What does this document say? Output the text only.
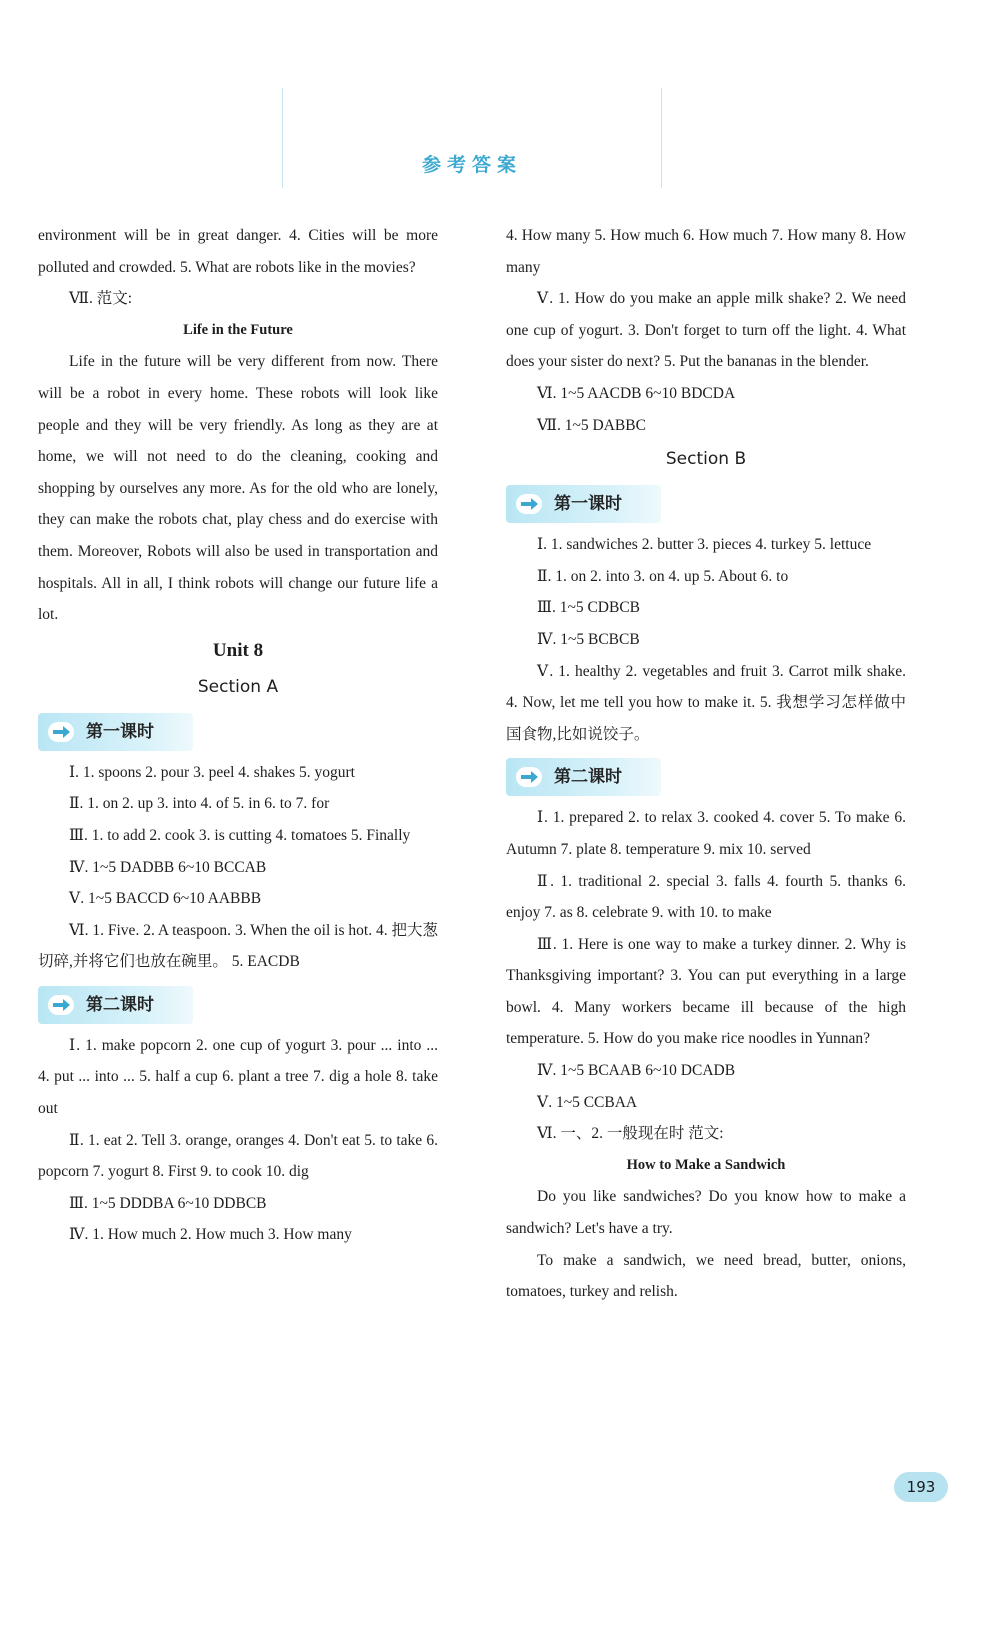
参考答案

environment will be in great danger. 4. Cities will be more polluted and crowded. 5. What are robots like in the movies?

Ⅶ. 范文:

Life in the Future

Life in the future will be very different from now. There will be a robot in every home. These robots will look like people and they will be very friendly. As long as they are at home, we will not need to do the cleaning, cooking and shopping by ourselves any more. As for the old who are lonely, they can make the robots chat, play chess and do exercise with them. Moreover, Robots will also be used in transportation and hospitals. All in all, I think robots will change our future life a lot.

Unit 8
Section A
第一课时

Ⅰ. 1. spoons 2. pour 3. peel 4. shakes 5. yogurt

Ⅱ. 1. on 2. up 3. into 4. of 5. in 6. to 7. for

Ⅲ. 1. to add 2. cook 3. is cutting 4. tomatoes 5. Finally

Ⅳ. 1~5 DADBB 6~10 BCCAB

Ⅴ. 1~5 BACCD 6~10 AABBB

Ⅵ. 1. Five. 2. A teaspoon. 3. When the oil is hot. 4. 把大葱切碎,并将它们也放在碗里。 5. EACDB

第二课时

Ⅰ. 1. make popcorn 2. one cup of yogurt 3. pour ... into ... 4. put ... into ... 5. half a cup 6. plant a tree 7. dig a hole 8. take out

Ⅱ. 1. eat 2. Tell 3. orange, oranges 4. Don't eat 5. to take 6. popcorn 7. yogurt 8. First 9. to cook 10. dig

Ⅲ. 1~5 DDDBA 6~10 DDBCB

Ⅳ. 1. How much 2. How much 3. How many

4. How many 5. How much 6. How much 7. How many 8. How many

Ⅴ. 1. How do you make an apple milk shake? 2. We need one cup of yogurt. 3. Don't forget to turn off the light. 4. What does your sister do next? 5. Put the bananas in the blender.

Ⅵ. 1~5 AACDB 6~10 BDCDA

Ⅶ. 1~5 DABBC

Section B
第一课时

Ⅰ. 1. sandwiches 2. butter 3. pieces 4. turkey 5. lettuce

Ⅱ. 1. on 2. into 3. on 4. up 5. About 6. to

Ⅲ. 1~5 CDBCB

Ⅳ. 1~5 BCBCB

Ⅴ. 1. healthy 2. vegetables and fruit 3. Carrot milk shake. 4. Now, let me tell you how to make it. 5. 我想学习怎样做中国食物,比如说饺子。

第二课时

Ⅰ. 1. prepared 2. to relax 3. cooked 4. cover 5. To make 6. Autumn 7. plate 8. temperature 9. mix 10. served

Ⅱ. 1. traditional 2. special 3. falls 4. fourth 5. thanks 6. enjoy 7. as 8. celebrate 9. with 10. to make

Ⅲ. 1. Here is one way to make a turkey dinner. 2. Why is Thanksgiving important? 3. You can put everything in a large bowl. 4. Many workers became ill because of the high temperature. 5. How do you make rice noodles in Yunnan?

Ⅳ. 1~5 BCAAB 6~10 DCADB

Ⅴ. 1~5 CCBAA

Ⅵ. 一、2. 一般现在时 范文:

How to Make a Sandwich

Do you like sandwiches? Do you know how to make a sandwich? Let's have a try.

To make a sandwich, we need bread, butter, onions, tomatoes, turkey and relish.

193
